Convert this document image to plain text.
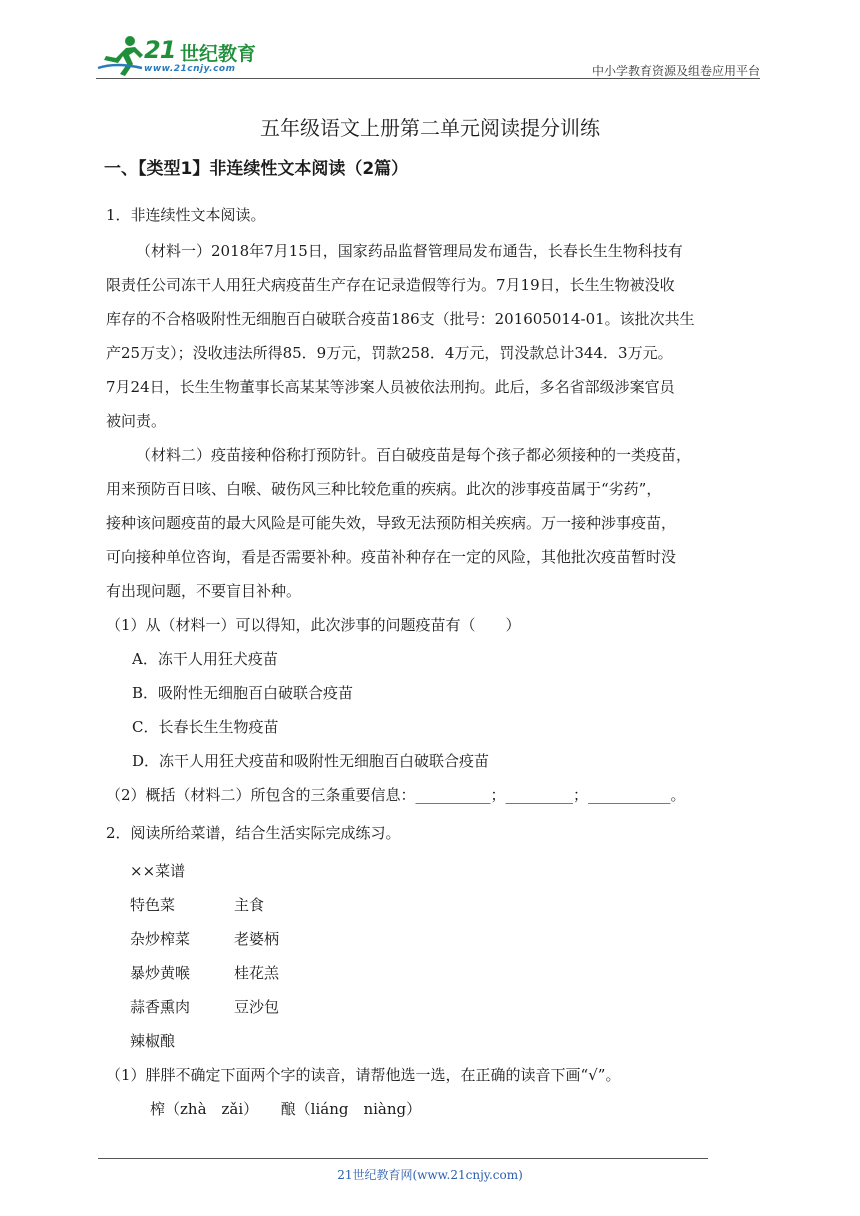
21 世纪教育
www.21cnjy.com	中小学教育资源及组卷应用平台
五年级语文上册第二单元阅读提分训练
一、【类型1】非连续性文本阅读（2篇）
1．非连续性文本阅读。
（材料一）2018年7月15日，国家药品监督管理局发布通告，长春长生生物科技有
限责任公司冻干人用狂犬病疫苗生产存在记录造假等行为。7月19日，长生生物被没收
库存的不合格吸附性无细胞百白破联合疫苗186支（批号：201605014-01。该批次共生
产25万支）；没收违法所得85．9万元，罚款258．4万元，罚没款总计344．3万元。
7月24日，长生生物董事长高某某等涉案人员被依法刑拘。此后，多名省部级涉案官员
被问责。
（材料二）疫苗接种俗称打预防针。百白破疫苗是每个孩子都必须接种的一类疫苗，
用来预防百日咳、白喉、破伤风三种比较危重的疾病。此次的涉事疫苗属于“劣药”，
接种该问题疫苗的最大风险是可能失效，导致无法预防相关疾病。万一接种涉事疫苗，
可向接种单位咨询，看是否需要补种。疫苗补种存在一定的风险，其他批次疫苗暂时没
有出现问题，不要盲目补种。
（1）从（材料一）可以得知，此次涉事的问题疫苗有（　　）
A．冻干人用狂犬疫苗
B．吸附性无细胞百白破联合疫苗
C．长春长生生物疫苗
D．冻干人用狂犬疫苗和吸附性无细胞百白破联合疫苗
（2）概括（材料二）所包含的三条重要信息：__________；_________；___________。
2．阅读所给菜谱，结合生活实际完成练习。
××菜谱
特色菜	主食
杂炒榨菜	老婆柄
暴炒黄喉	桂花羔
蒜香熏肉	豆沙包
辣椒酿
（1）胖胖不确定下面两个字的读音，请帮他选一选，在正确的读音下画“√”。
榨（zhà　zǎi）　　酿（liáng　niàng）
21世纪教育网(www.21cnjy.com)
